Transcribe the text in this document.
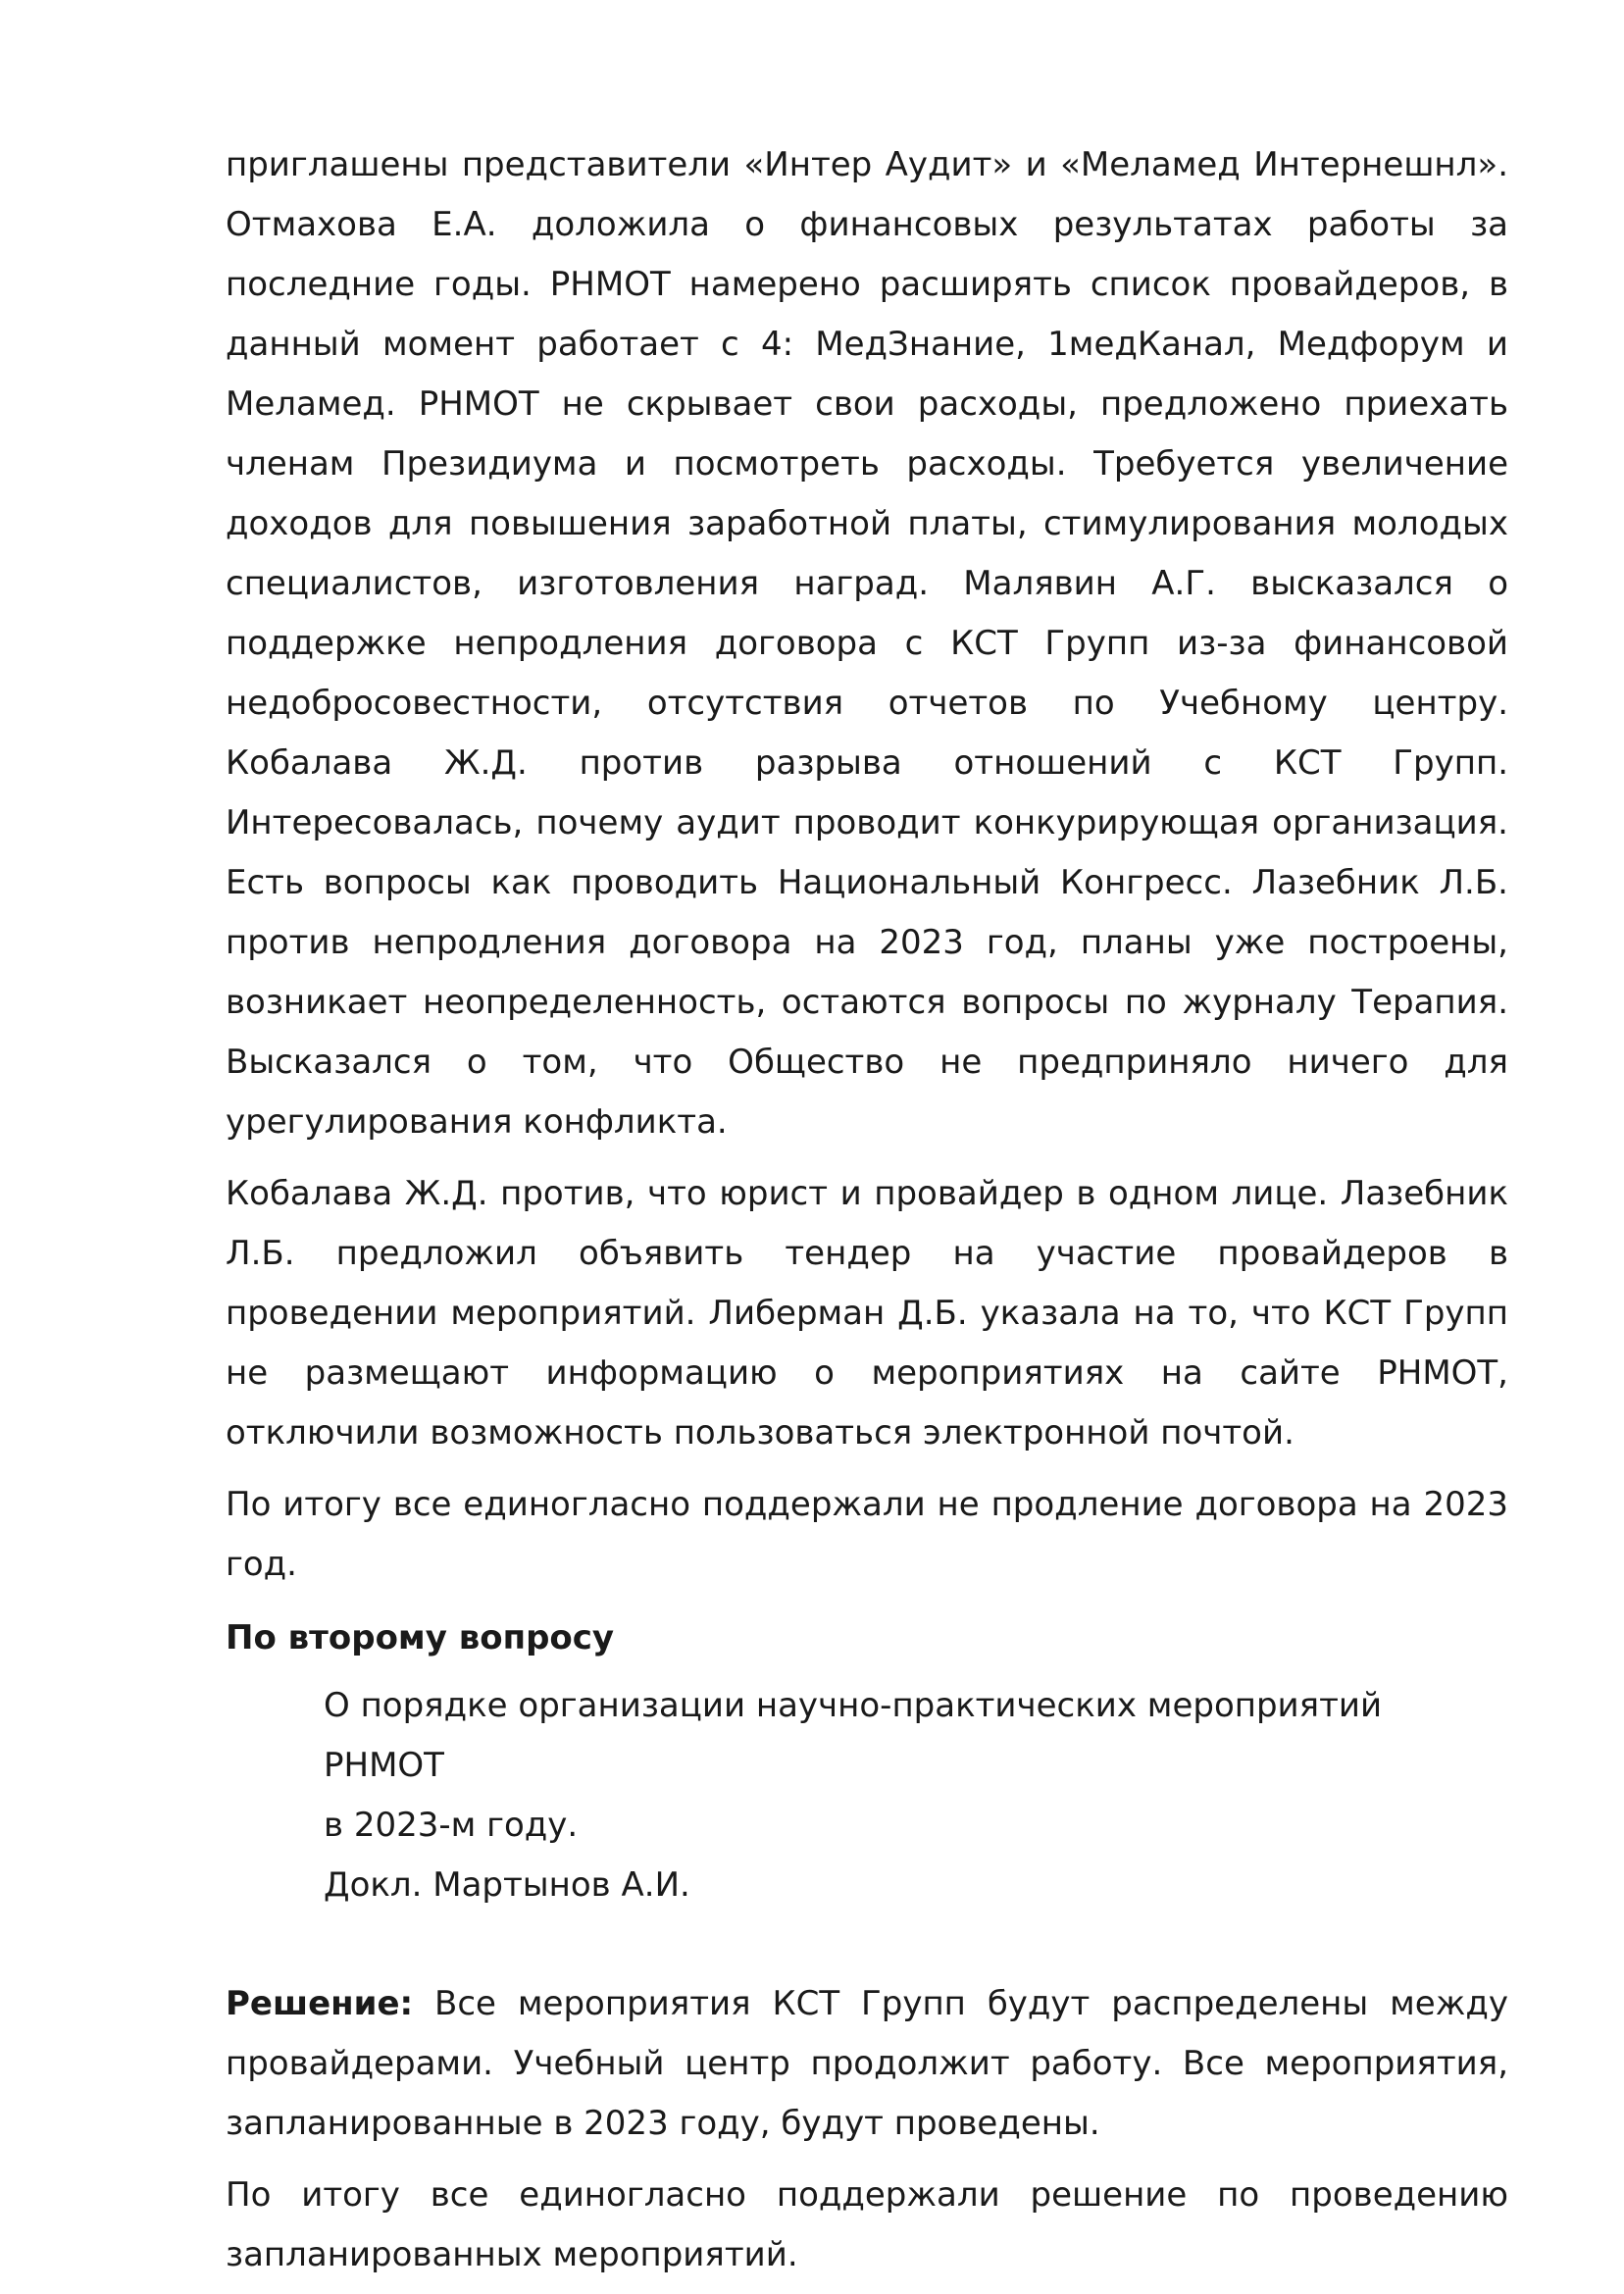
приглашены представители «Интер Аудит» и «Меламед Интернешнл». Отмахова Е.А. доложила о финансовых результатах работы за последние годы. РНМОТ намерено расширять список провайдеров, в данный момент работает с 4: МедЗнание, 1медКанал, Медфорум и Меламед. РНМОТ не скрывает свои расходы, предложено приехать членам Президиума и посмотреть расходы. Требуется увеличение доходов для повышения заработной платы, стимулирования молодых специалистов, изготовления наград. Малявин А.Г. высказался о поддержке непродления договора с КСТ Групп из-за финансовой недобросовестности, отсутствия отчетов по Учебному центру. Кобалава Ж.Д. против разрыва отношений с КСТ Групп. Интересовалась, почему аудит проводит конкурирующая организация. Есть вопросы как проводить Национальный Конгресс. Лазебник Л.Б. против непродления договора на 2023 год, планы уже построены, возникает неопределенность, остаются вопросы по журналу Терапия. Высказался о том, что Общество не предприняло ничего для урегулирования конфликта.

Кобалава Ж.Д. против, что юрист и провайдер в одном лице. Лазебник Л.Б. предложил объявить тендер на участие провайдеров в проведении мероприятий. Либерман Д.Б. указала на то, что КСТ Групп не размещают информацию о мероприятиях на сайте РНМОТ, отключили возможность пользоваться электронной почтой.

По итогу все единогласно поддержали не продление договора на 2023 год.

По второму вопросу

О порядке организации научно-практических мероприятий РНМОТ

в 2023-м году.

Докл. Мартынов А.И.

Решение: Все мероприятия КСТ Групп будут распределены между провайдерами. Учебный центр продолжит работу. Все мероприятия, запланированные в 2023 году, будут проведены.

По итогу все единогласно поддержали решение по проведению запланированных мероприятий.
